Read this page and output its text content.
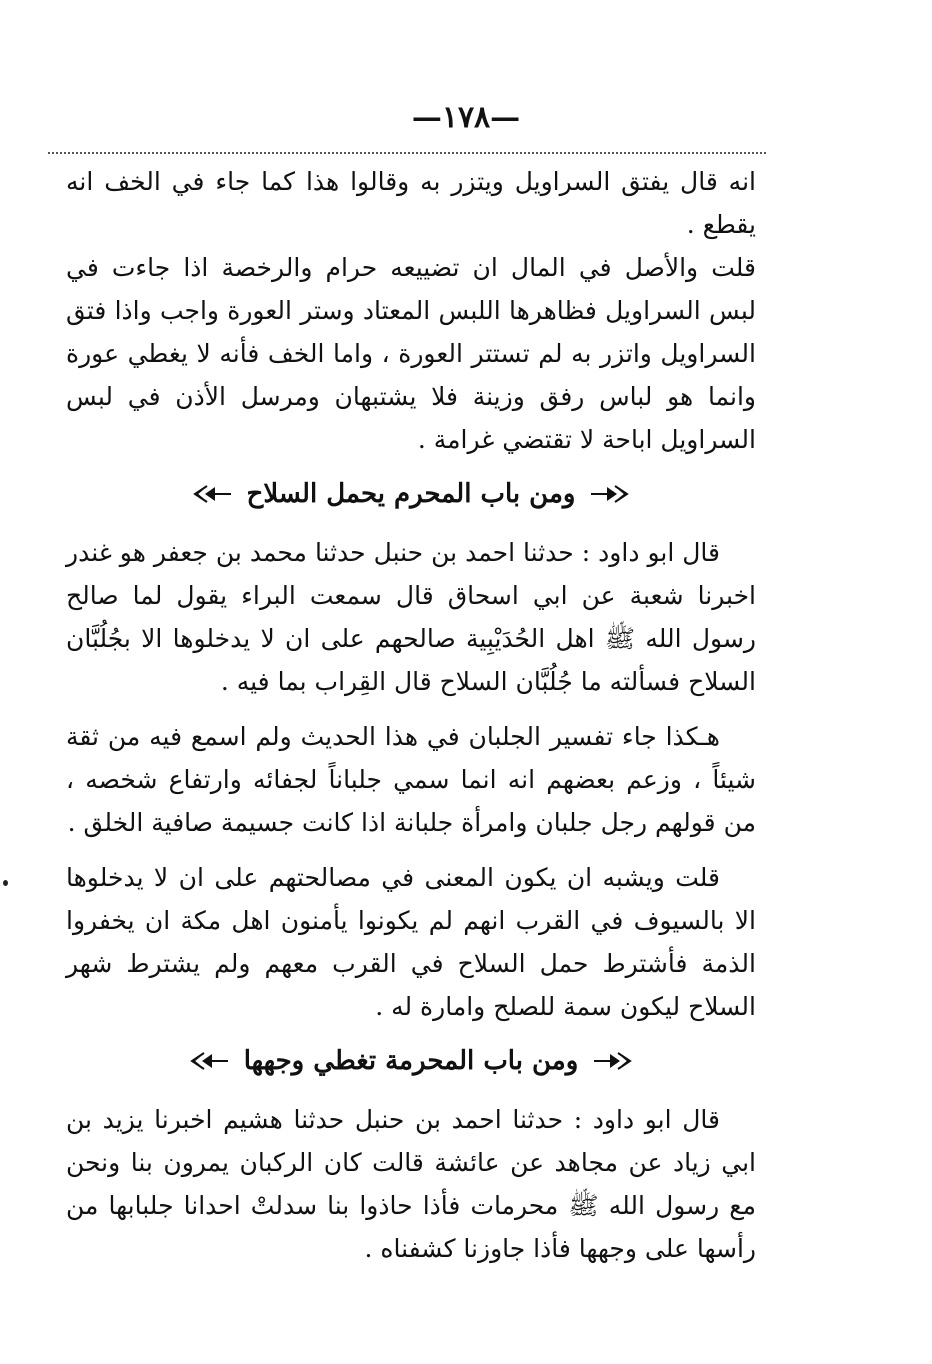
—١٧٨—

انه قال يفتق السراويل ويتزر به وقالوا هذا كما جاء في الخف انه يقطع .

قلت والأصل في المال ان تضييعه حرام والرخصة اذا جاءت في لبس السراويل فظاهرها اللبس المعتاد وستر العورة واجب واذا فتق السراويل واتزر به لم تستتر العورة ، واما الخف فأنه لا يغطي عورة وانما هو لباس رفق وزينة فلا يشتبهان ومرسل الأذن في لبس السراويل اباحة لا تقتضي غرامة .

ومن باب المحرم يحمل السلاح

قال ابو داود : حدثنا احمد بن حنبل حدثنا محمد بن جعفر هو غندر اخبرنا شعبة عن ابي اسحاق قال سمعت البراء يقول لما صالح رسول الله ﷺ اهل الحُدَيْبِية صالحهم على ان لا يدخلوها الا بجُلُبَّان السلاح فسألته ما جُلُبَّان السلاح قال القِراب بما فيه .

هـكذا جاء تفسير الجلبان في هذا الحديث ولم اسمع فيه من ثقة شيئاً ، وزعم بعضهم انه انما سمي جلباناً لجفائه وارتفاع شخصه ، من قولهم رجل جلبان وامرأة جلبانة اذا كانت جسيمة صافية الخلق .

قلت ويشبه ان يكون المعنى في مصالحتهم على ان لا يدخلوها الا بالسيوف في القرب انهم لم يكونوا يأمنون اهل مكة ان يخفروا الذمة فأشترط حمل السلاح في القرب معهم ولم يشترط شهر السلاح ليكون سمة للصلح وامارة له .

ومن باب المحرمة تغطي وجهها

قال ابو داود : حدثنا احمد بن حنبل حدثنا هشيم اخبرنا يزيد بن ابي زياد عن مجاهد عن عائشة قالت كان الركبان يمرون بنا ونحن مع رسول الله ﷺ محرمات فأذا حاذوا بنا سدلتْ احدانا جلبابها من رأسها على وجهها فأذا جاوزنا كشفناه .
